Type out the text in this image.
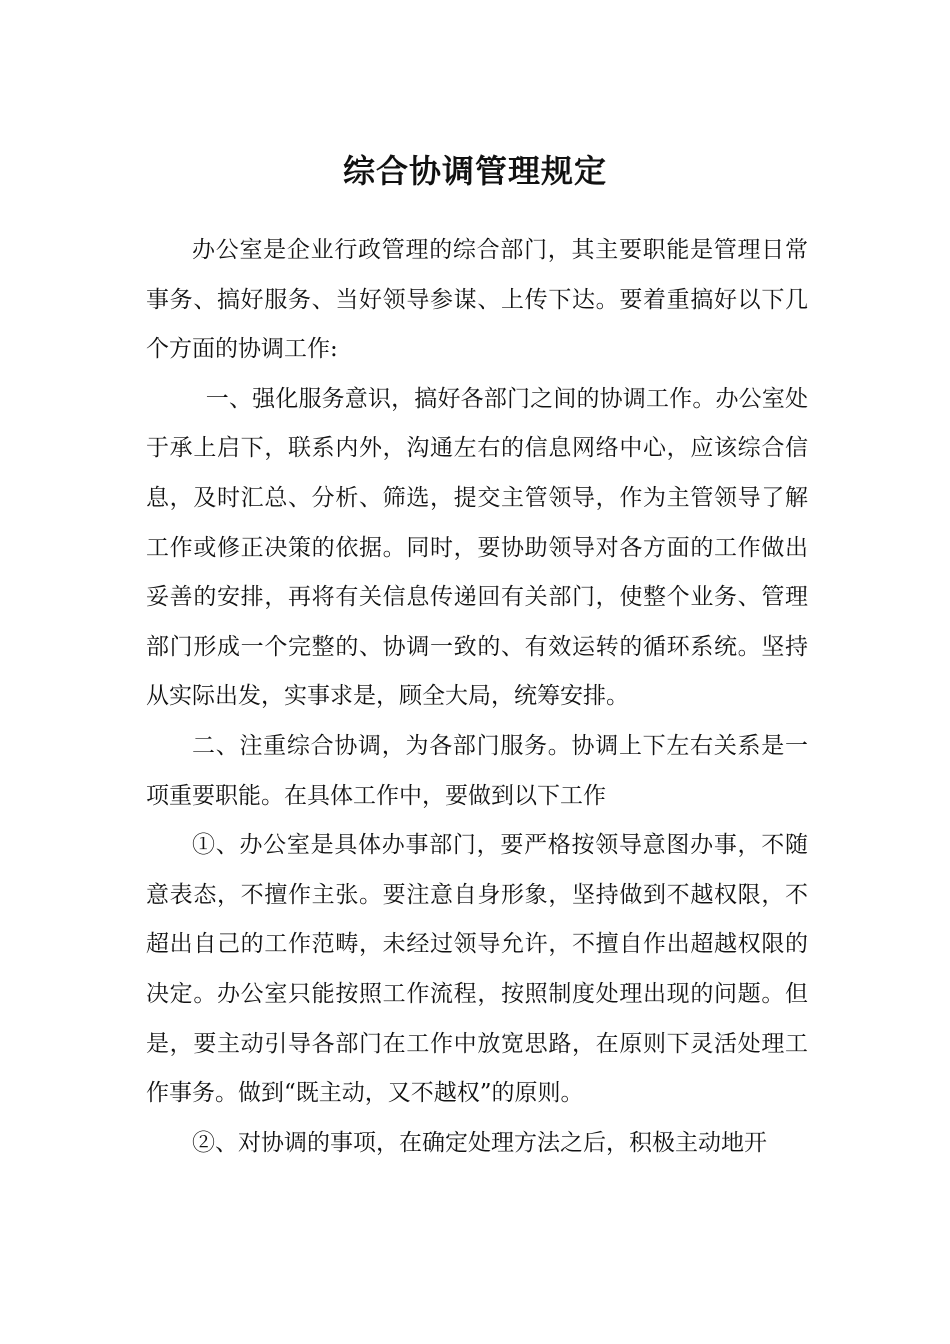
综合协调管理规定

办公室是企业行政管理的综合部门，其主要职能是管理日常事务、搞好服务、当好领导参谋、上传下达。要着重搞好以下几个方面的协调工作:

一、强化服务意识，搞好各部门之间的协调工作。办公室处于承上启下，联系内外，沟通左右的信息网络中心，应该综合信息，及时汇总、分析、筛选，提交主管领导，作为主管领导了解工作或修正决策的依据。同时，要协助领导对各方面的工作做出妥善的安排，再将有关信息传递回有关部门，使整个业务、管理部门形成一个完整的、协调一致的、有效运转的循环系统。坚持从实际出发，实事求是，顾全大局，统筹安排。

二、注重综合协调，为各部门服务。协调上下左右关系是一项重要职能。在具体工作中，要做到以下工作

①、办公室是具体办事部门，要严格按领导意图办事，不随意表态，不擅作主张。要注意自身形象，坚持做到不越权限，不超出自己的工作范畴，未经过领导允许，不擅自作出超越权限的决定。办公室只能按照工作流程，按照制度处理出现的问题。但是，要主动引导各部门在工作中放宽思路，在原则下灵活处理工作事务。做到“既主动，又不越权”的原则。

②、对协调的事项，在确定处理方法之后，积极主动地开
